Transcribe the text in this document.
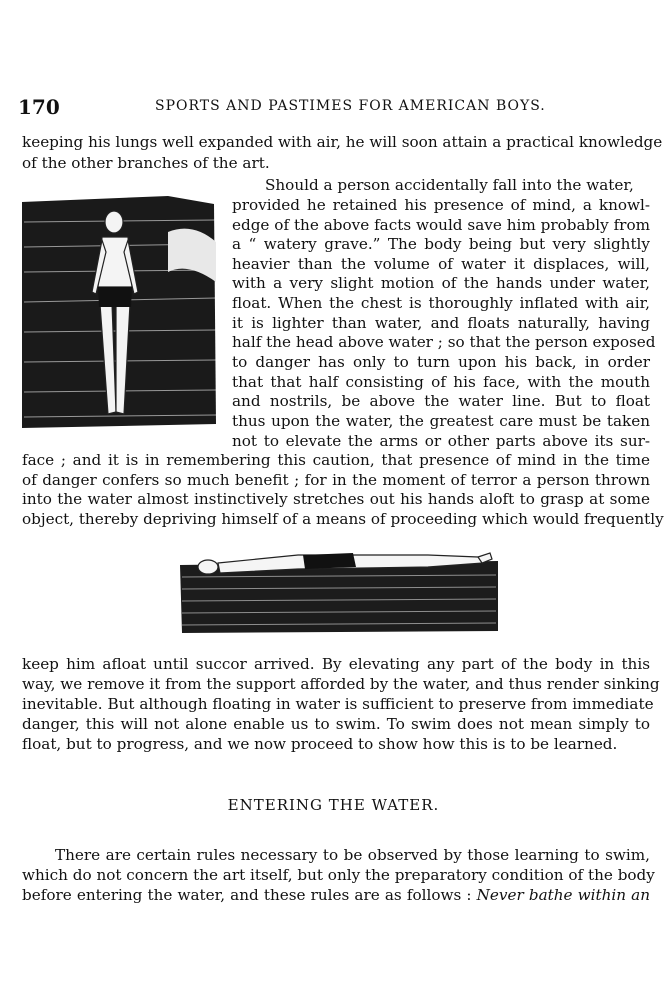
170	SPORTS AND PASTIMES FOR AMERICAN BOYS.
keeping his lungs well expanded with air, he will soon attain a practical knowledge
of the other branches of the art.
Should a person accidentally fall into the water,
provided he retained his presence of mind, a knowl-
edge of the above facts would save him probably from
a “ watery grave.” The body being but very slightly
heavier than the volume of water it displaces, will,
with a very slight motion of the hands under water,
float. When the chest is thoroughly inflated with air,
it is lighter than water, and floats naturally, having
half the head above water ; so that the person exposed
to danger has only to turn upon his back, in order
that that half consisting of his face, with the mouth
and nostrils, be above the water line. But to float
thus upon the water, the greatest care must be taken
not to elevate the arms or other parts above its sur-
face ; and it is in remembering this caution, that presence of mind in the time
of danger confers so much benefit ; for in the moment of terror a person thrown
into the water almost instinctively stretches out his hands aloft to grasp at some
object, thereby depriving himself of a means of proceeding which would frequently
keep him afloat until succor arrived. By elevating any part of the body in this
way, we remove it from the support afforded by the water, and thus render sinking
inevitable. But although floating in water is sufficient to preserve from immediate
danger, this will not alone enable us to swim. To swim does not mean simply to
float, but to progress, and we now proceed to show how this is to be learned.
ENTERING THE WATER.
There are certain rules necessary to be observed by those learning to swim,
which do not concern the art itself, but only the preparatory condition of the body
before entering the water, and these rules are as follows : Never bathe within an
